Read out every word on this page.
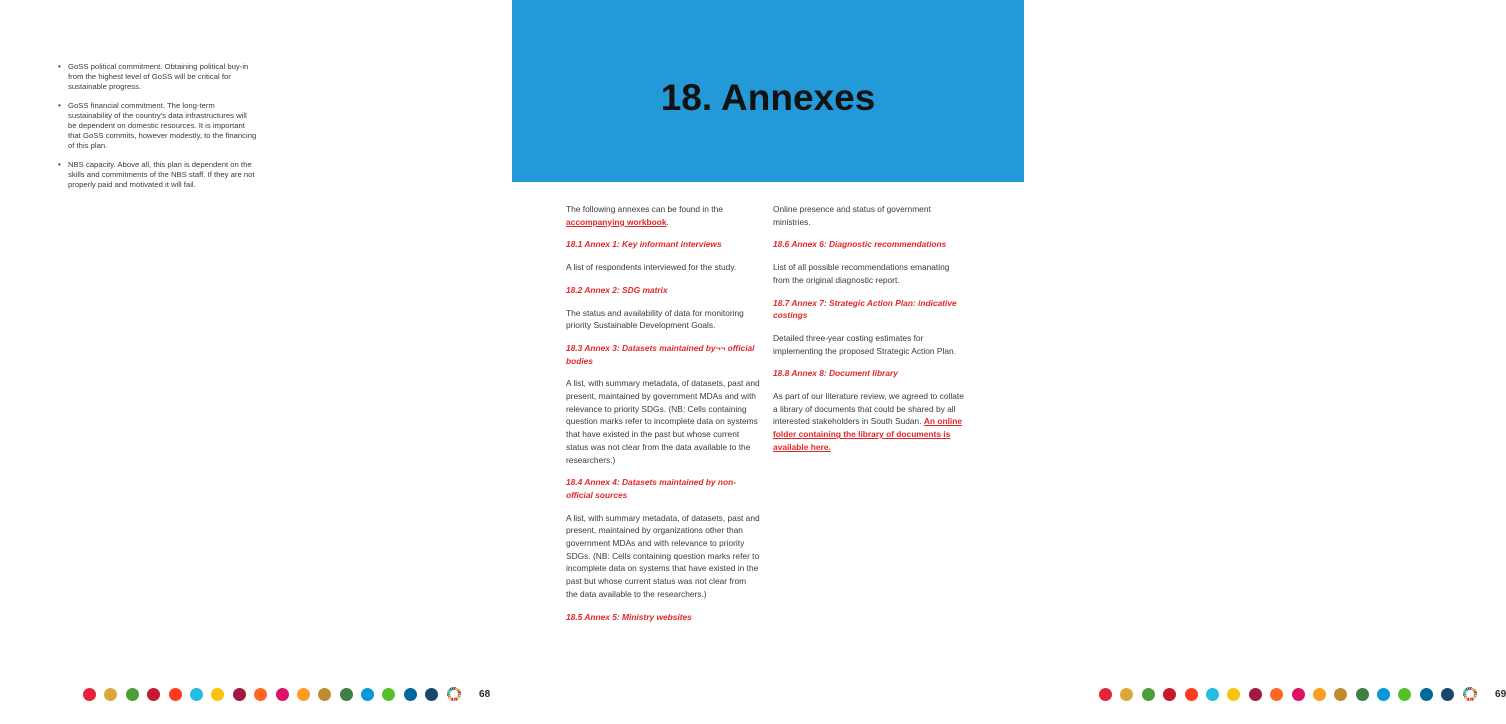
• GoSS political commitment. Obtaining political buy-in from the highest level of GoSS will be critical for sustainable progress.
• GoSS financial commitment. The long-term sustainability of the country's data infrastructures will be dependent on domestic resources. It is important that GoSS commits, however modestly, to the financing of this plan.
• NBS capacity. Above all, this plan is dependent on the skills and commitments of the NBS staff. If they are not properly paid and motivated it will fail.
68
18. Annexes

The following annexes can be found in the accompanying workbook.

18.1 Annex 1: Key informant interviews

A list of respondents interviewed for the study.

18.2 Annex 2: SDG matrix

The status and availability of data for monitoring priority Sustainable Development Goals.

18.3 Annex 3: Datasets maintained by¬¬ official bodies

A list, with summary metadata, of datasets, past and present, maintained by government MDAs and with relevance to priority SDGs. (NB: Cells containing question marks refer to incomplete data on systems that have existed in the past but whose current status was not clear from the data available to the researchers.)

18.4 Annex 4: Datasets maintained by non-official sources

A list, with summary metadata, of datasets, past and present, maintained by organizations other than government MDAs and with relevance to priority SDGs. (NB: Cells containing question marks refer to incomplete data on systems that have existed in the past but whose current status was not clear from the data available to the researchers.)

18.5 Annex 5: Ministry websites

Online presence and status of government ministries.

18.6 Annex 6: Diagnostic recommendations

List of all possible recommendations emanating from the original diagnostic report.

18.7 Annex 7: Strategic Action Plan: indicative costings

Detailed three-year costing estimates for implementing the proposed Strategic Action Plan.

18.8 Annex 8: Document library

As part of our literature review, we agreed to collate a library of documents that could be shared by all interested stakeholders in South Sudan. An online folder containing the library of documents is available here.

69
